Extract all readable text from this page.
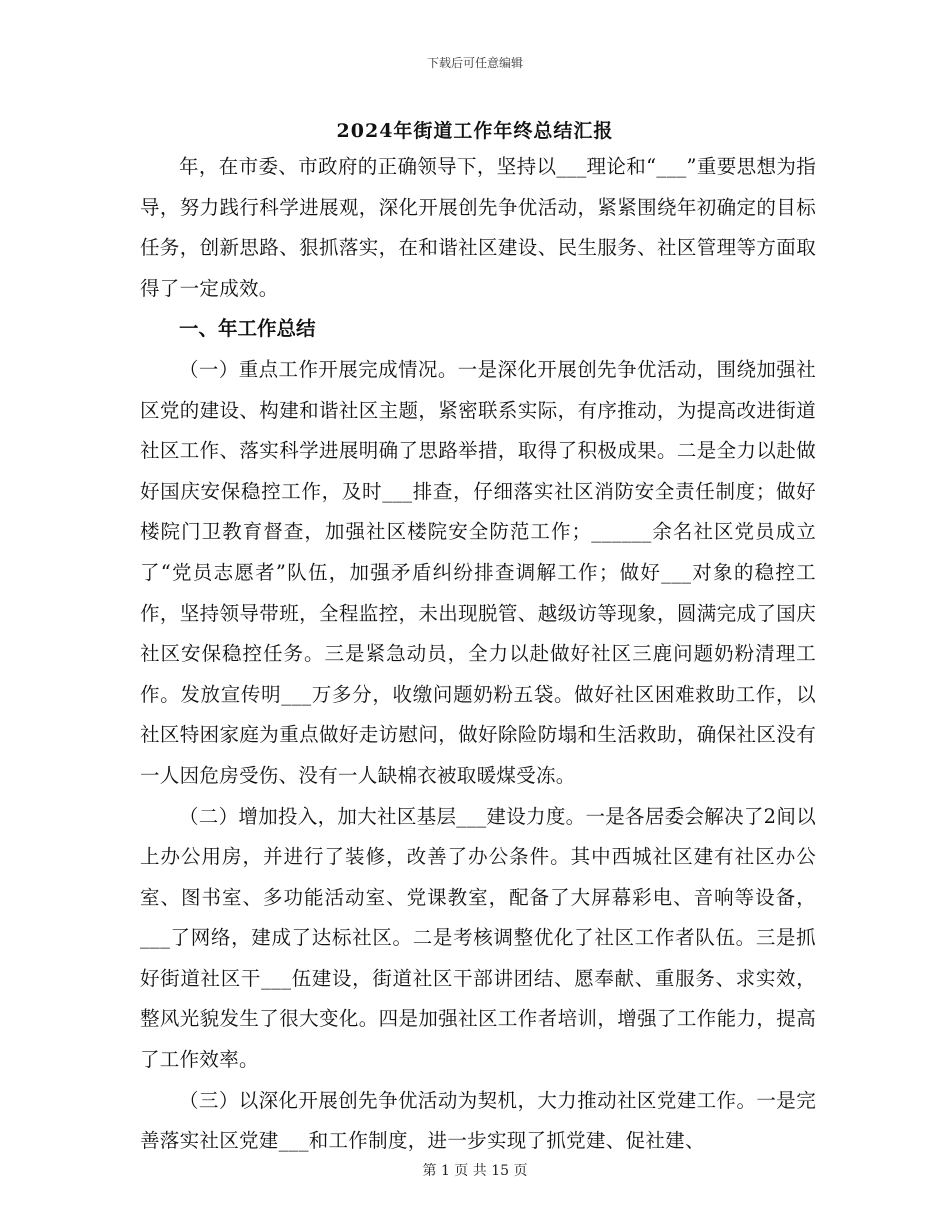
下载后可任意编辑
2024年街道工作年终总结汇报

年，在市委、市政府的正确领导下，坚持以___理论和“___”重要思想为指导，努力践行科学进展观，深化开展创先争优活动，紧紧围绕年初确定的目标任务，创新思路、狠抓落实，在和谐社区建设、民生服务、社区管理等方面取得了一定成效。

一、年工作总结

（一）重点工作开展完成情况。一是深化开展创先争优活动，围绕加强社区党的建设、构建和谐社区主题，紧密联系实际，有序推动，为提高改进街道社区工作、落实科学进展明确了思路举措，取得了积极成果。二是全力以赴做好国庆安保稳控工作，及时___排查，仔细落实社区消防安全责任制度；做好楼院门卫教育督查，加强社区楼院安全防范工作；______余名社区党员成立了“党员志愿者”队伍，加强矛盾纠纷排查调解工作；做好___对象的稳控工作，坚持领导带班，全程监控，未出现脱管、越级访等现象，圆满完成了国庆社区安保稳控任务。三是紧急动员，全力以赴做好社区三鹿问题奶粉清理工作。发放宣传明___万多分，收缴问题奶粉五袋。做好社区困难救助工作，以社区特困家庭为重点做好走访慰问，做好除险防塌和生活救助，确保社区没有一人因危房受伤、没有一人缺棉衣被取暖煤受冻。

（二）增加投入，加大社区基层___建设力度。一是各居委会解决了2间以上办公用房，并进行了装修，改善了办公条件。其中西城社区建有社区办公室、图书室、多功能活动室、党课教室，配备了大屏幕彩电、音响等设备，___了网络，建成了达标社区。二是考核调整优化了社区工作者队伍。三是抓好街道社区干___伍建设，街道社区干部讲团结、愿奉献、重服务、求实效，整风光貌发生了很大变化。四是加强社区工作者培训，增强了工作能力，提高了工作效率。

（三）以深化开展创先争优活动为契机，大力推动社区党建工作。一是完善落实社区党建___和工作制度，进一步实现了抓党建、促社建、

第 1 页 共 15 页
